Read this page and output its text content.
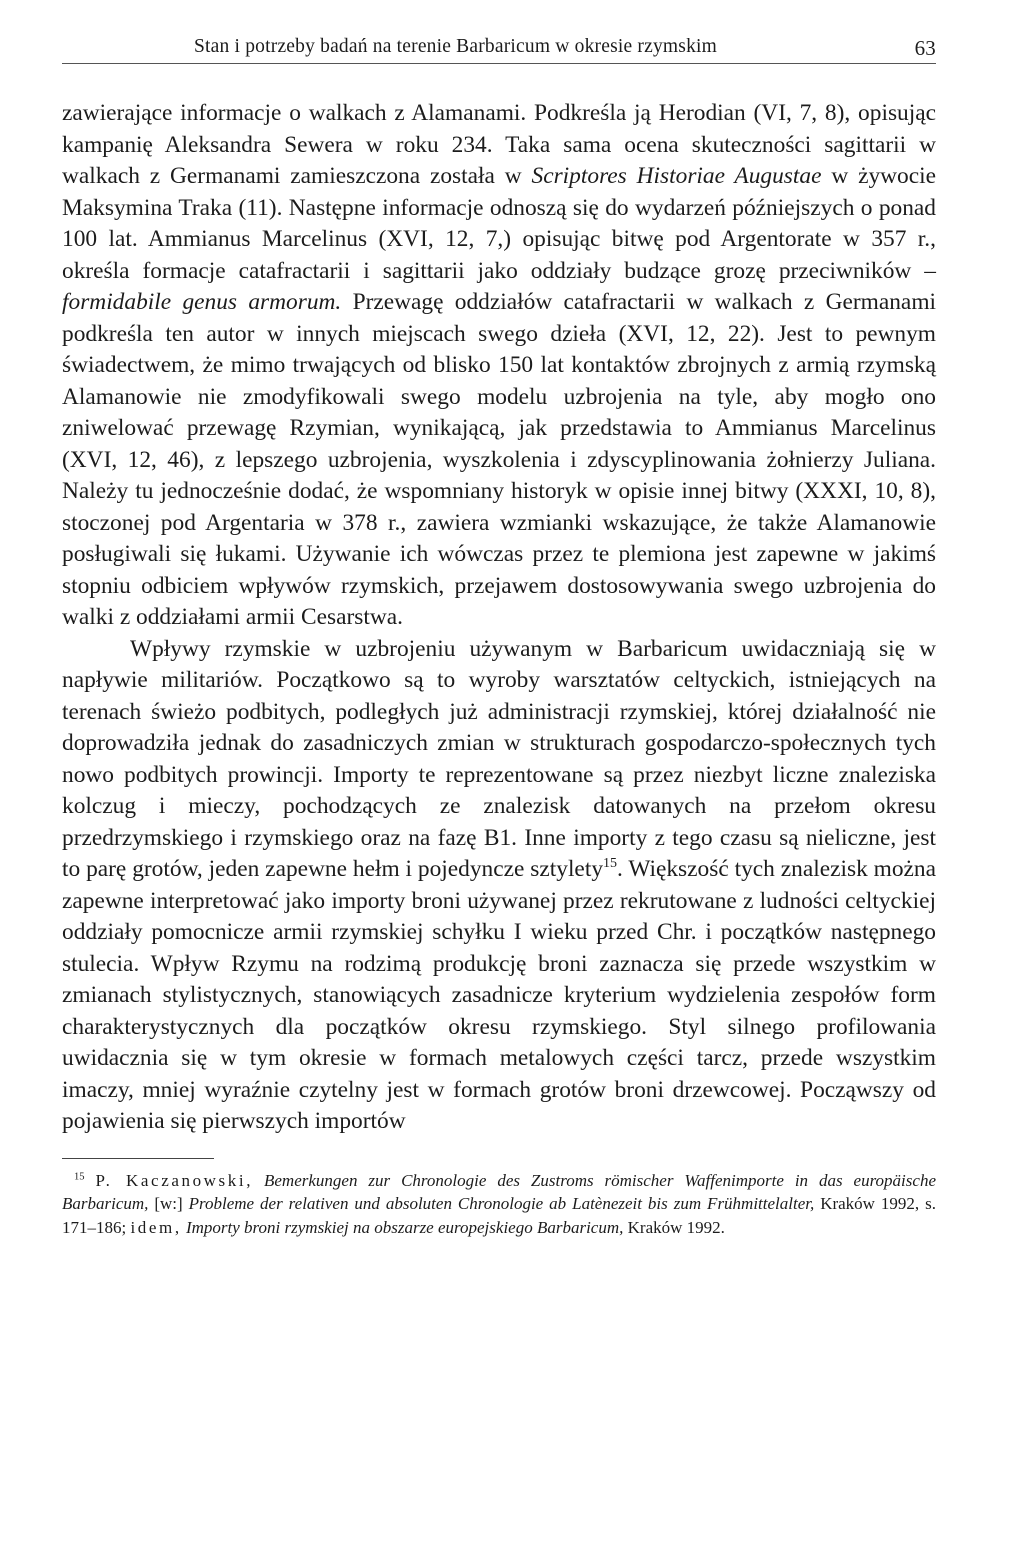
Stan i potrzeby badań na terenie Barbaricum w okresie rzymskim	63

zawierające informacje o walkach z Alamanami. Podkreśla ją Herodian (VI, 7, 8), opisując kampanię Aleksandra Sewera w roku 234. Taka sama ocena skuteczności sagittarii w walkach z Germanami zamieszczona została w Scriptores Historiae Augustae w żywocie Maksymina Traka (11). Następne informacje odnoszą się do wydarzeń późniejszych o ponad 100 lat. Ammianus Marcelinus (XVI, 12, 7,) opisując bitwę pod Argentorate w 357 r., określa formacje catafractarii i sagittarii jako oddziały budzące grozę przeciwników – formidabile genus armorum. Przewagę oddziałów catafractarii w walkach z Germanami podkreśla ten autor w innych miejscach swego dzieła (XVI, 12, 22). Jest to pewnym świadectwem, że mimo trwających od blisko 150 lat kontaktów zbrojnych z armią rzymską Alamanowie nie zmodyfikowali swego modelu uzbrojenia na tyle, aby mogło ono zniwelować przewagę Rzymian, wynikającą, jak przedstawia to Ammianus Marcelinus (XVI, 12, 46), z lepszego uzbrojenia, wyszkolenia i zdyscyplinowania żołnierzy Juliana. Należy tu jednocześnie dodać, że wspomniany historyk w opisie innej bitwy (XXXI, 10, 8), stoczonej pod Argentaria w 378 r., zawiera wzmianki wskazujące, że także Alamanowie posługiwali się łukami. Używanie ich wówczas przez te plemiona jest zapewne w jakimś stopniu odbiciem wpływów rzymskich, przejawem dostosowywania swego uzbrojenia do walki z oddziałami armii Cesarstwa.

Wpływy rzymskie w uzbrojeniu używanym w Barbaricum uwidaczniają się w napływie militariów. Początkowo są to wyroby warsztatów celtyckich, istniejących na terenach świeżo podbitych, podległych już administracji rzymskiej, której działalność nie doprowadziła jednak do zasadniczych zmian w strukturach gospodarczo-społecznych tych nowo podbitych prowincji. Importy te reprezentowane są przez niezbyt liczne znaleziska kolczug i mieczy, pochodzących ze znalezisk datowanych na przełom okresu przedrzymskiego i rzymskiego oraz na fazę B1. Inne importy z tego czasu są nieliczne, jest to parę grotów, jeden zapewne hełm i pojedyncze sztylety$^{15}$. Większość tych znalezisk można zapewne interpretować jako importy broni używanej przez rekrutowane z ludności celtyckiej oddziały pomocnicze armii rzymskiej schyłku I wieku przed Chr. i początków następnego stulecia. Wpływ Rzymu na rodzimą produkcję broni zaznacza się przede wszystkim w zmianach stylistycznych, stanowiących zasadnicze kryterium wydzielenia zespołów form charakterystycznych dla początków okresu rzymskiego. Styl silnego profilowania uwidacznia się w tym okresie w formach metalowych części tarcz, przede wszystkim imaczy, mniej wyraźnie czytelny jest w formach grotów broni drzewcowej. Począwszy od pojawienia się pierwszych importów

$^{15}$ P. Kaczanowski, Bemerkungen zur Chronologie des Zustroms römischer Waffenimporte in das europäische Barbaricum, [w:] Probleme der relativen und absoluten Chronologie ab Latènezeit bis zum Frühmittelalter, Kraków 1992, s. 171–186; idem, Importy broni rzymskiej na obszarze europejskiego Barbaricum, Kraków 1992.
